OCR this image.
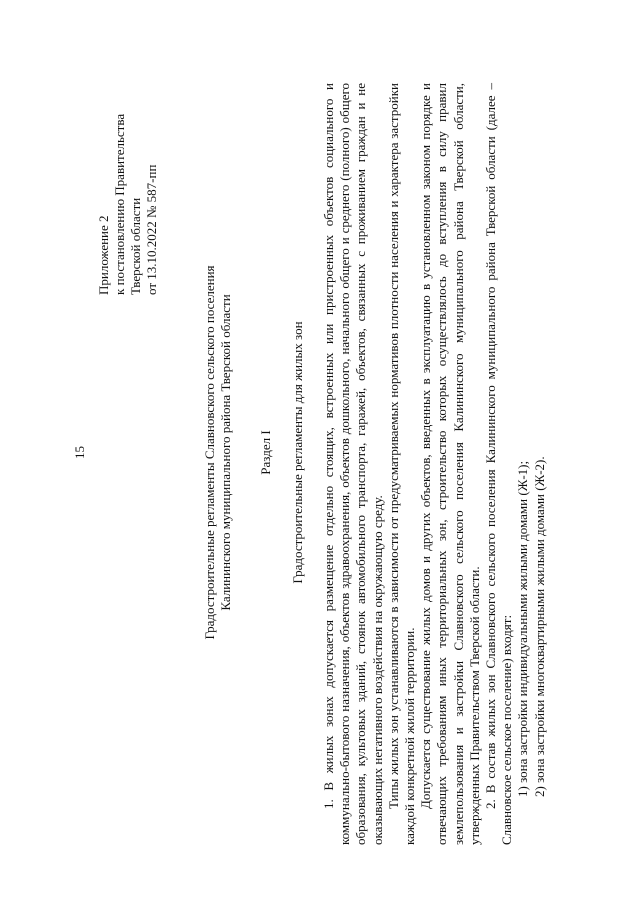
15
Приложение 2 к постановлению Правительства Тверской области от 13.10.2022 № 587-пп
Градостроительные регламенты Славновского сельского поселения Калининского муниципального района Тверской области Раздел I Градостроительные регламенты для жилых зон 1. В жилых зонах допускается размещение отдельно стоящих, встроенных или пристроенных объектов социального и коммунально-бытового назначения, объектов здравоохранения, объектов дошкольного, начального общего и среднего (полного) общего образования, культовых зданий, стоянок автомобильного транспорта, гаражей, объектов, связанных с проживанием граждан и не оказывающих негативного воздействия на окружающую среду. Типы жилых зон устанавливаются в зависимости от предусматриваемых нормативов плотности населения и характера застройки каждой конкретной жилой территории. Допускается существование жилых домов и других объектов, введенных в эксплуатацию в установленном законом порядке и отвечающих требованиям иных территориальных зон, строительство которых осуществлялось до вступления в силу правил землепользования и застройки Славновского сельского поселения Калининского муниципального района Тверской области, утвержденных Правительством Тверской области. 2. В состав жилых зон Славновского сельского поселения Калининского муниципального района Тверской области (далее – Славновское сельское поселение) входят: 1) зона застройки индивидуальными жилыми домами (Ж-1); 2) зона застройки многоквартирными жилыми домами (Ж-2).
